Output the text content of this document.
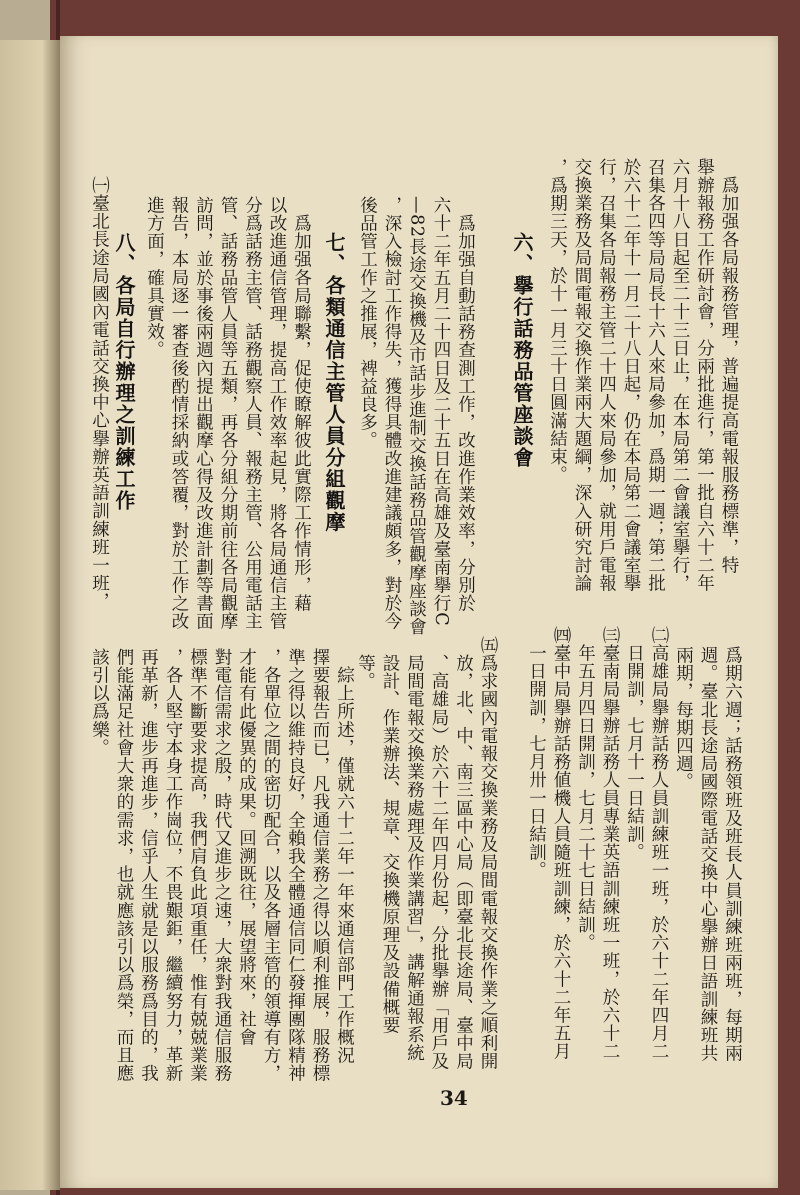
　爲加强各局報務管理，普遍提高電報服務標準，特
舉辦報務工作研討會，分兩批進行，第一批自六十二年
六月十八日起至二十三日止，在本局第二會議室擧行，
召集各四等局局長十六人來局參加，爲期一週；第二批
於六十二年十一月二十八日起，仍在本局第二會議室擧
行，召集各局報務主管二十四人來局參加，就用戶電報
交換業務及局間電報交換作業兩大題綱，深入研究討論
，爲期三天，於十一月三十日圓滿結束。
六、擧行話務品管座談會
　爲加强自動話務查測工作，改進作業效率，分別於
六十二年五月二十四日及二十五日在高雄及臺南擧行C
—82長途交換機及市話步進制交換話務品管觀摩座談會
，深入檢討工作得失，獲得具體改進建議頗多，對於今
後品管工作之推展，裨益良多。
七、各類通信主管人員分組觀摩
　爲加强各局聯繫，促使瞭解彼此實際工作情形，藉
以改進通信管理，提高工作效率起見，將各局通信主管
分爲話務主管、話務觀察人員、報務主管、公用電話主
管、話務品管人員等五類，再各分組分期前往各局觀摩
訪問，並於事後兩週內提出觀摩心得及改進計劃等書面
報告，本局逐一審查後酌情採納或答覆，對於工作之改
進方面，確具實效。
八、各局自行辦理之訓練工作
㈠臺北長途局國內電話交換中心擧辦英語訓練班一班，
　爲期六週；話務領班及班長人員訓練班兩班，每期兩
　週。臺北長途局國際電話交換中心擧辦日語訓練班共
　兩期，每期四週。
㈡高雄局擧辦話務人員訓練班一班，於六十二年四月二
　日開訓，七月十一日結訓。
㈢臺南局擧辦話務人員專業英語訓練班一班，於六十二
　年五月四日開訓，七月二十七日結訓。
㈣臺中局擧辦話務値機人員隨班訓練，於六十二年五月
　一日開訓，七月卅一日結訓。
㈤爲求國內電報交換業務及局間電報交換作業之順利開
　放，北、中、南三區中心局（即臺北長途局、臺中局
　、高雄局）於六十二年四月份起，分批擧辦「用戶及
　局間電報交換業務處理及作業講習」，講解通報系統
　設計、作業辦法、規章、交換機原理及設備概要
　等。
　綜上所述，僅就六十二年一年來通信部門工作概況
擇要報告而已，凡我通信業務之得以順利推展，服務標
準之得以維持良好，全賴我全體通信同仁發揮團隊精神
，各單位之間的密切配合，以及各層主管的領導有方，
才能有此優異的成果。回溯既往，展望將來，社會
對電信需求之殷，時代又進步之速，大衆對我通信服務
標準不斷要求提高，我們肩負此項重任，惟有兢兢業業
，各人堅守本身工作崗位，不畏艱鉅，繼續努力，革新
再革新，進步再進步，信乎人生就是以服務爲目的，我
們能滿足社會大衆的需求，也就應該引以爲榮，而且應
該引以爲樂。
34
